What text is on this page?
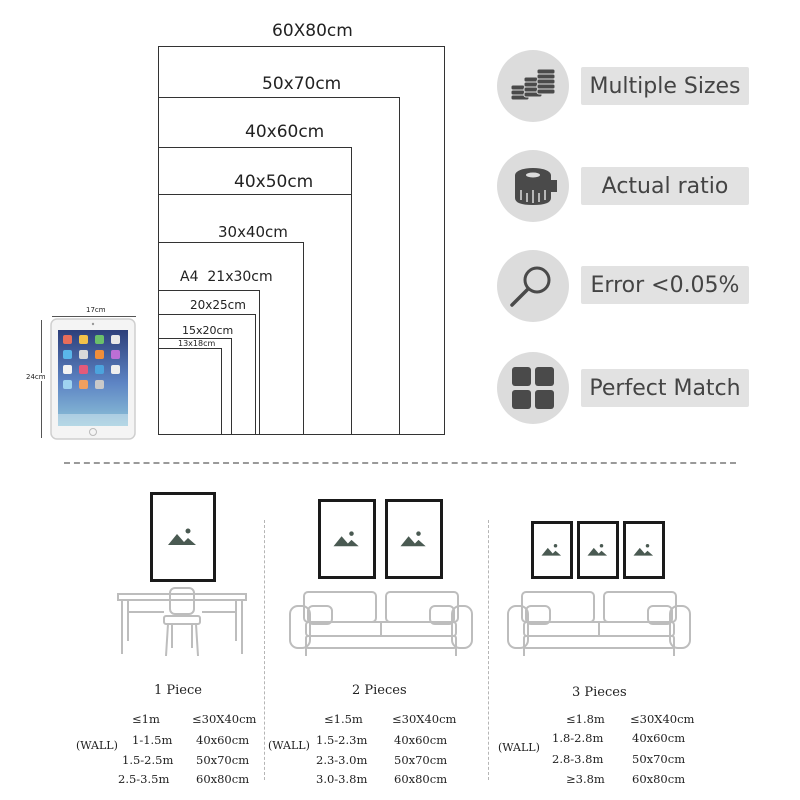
60X80cm
50x70cm
40x60cm
40x50cm
30x40cm
A4  21x30cm
20x25cm
15x20cm
13x18cm
17cm
24cm
Multiple Sizes
Actual ratio
Error <0.05%
Perfect Match
1 Piece
(WALL)
≤1m	≤30X40cm
1-1.5m 40x60cm
1.5-2.5m 50x70cm
2.5-3.5m 60x80cm
2 Pieces
(WALL)
≤1.5m	≤30X40cm
1.5-2.3m 40x60cm
2.3-3.0m 50x70cm
3.0-3.8m 60x80cm
3 Pieces
(WALL)
≤1.8m ≤30X40cm
1.8-2.8m 40x60cm
2.8-3.8m 50x70cm
≥3.8m 60x80cm
